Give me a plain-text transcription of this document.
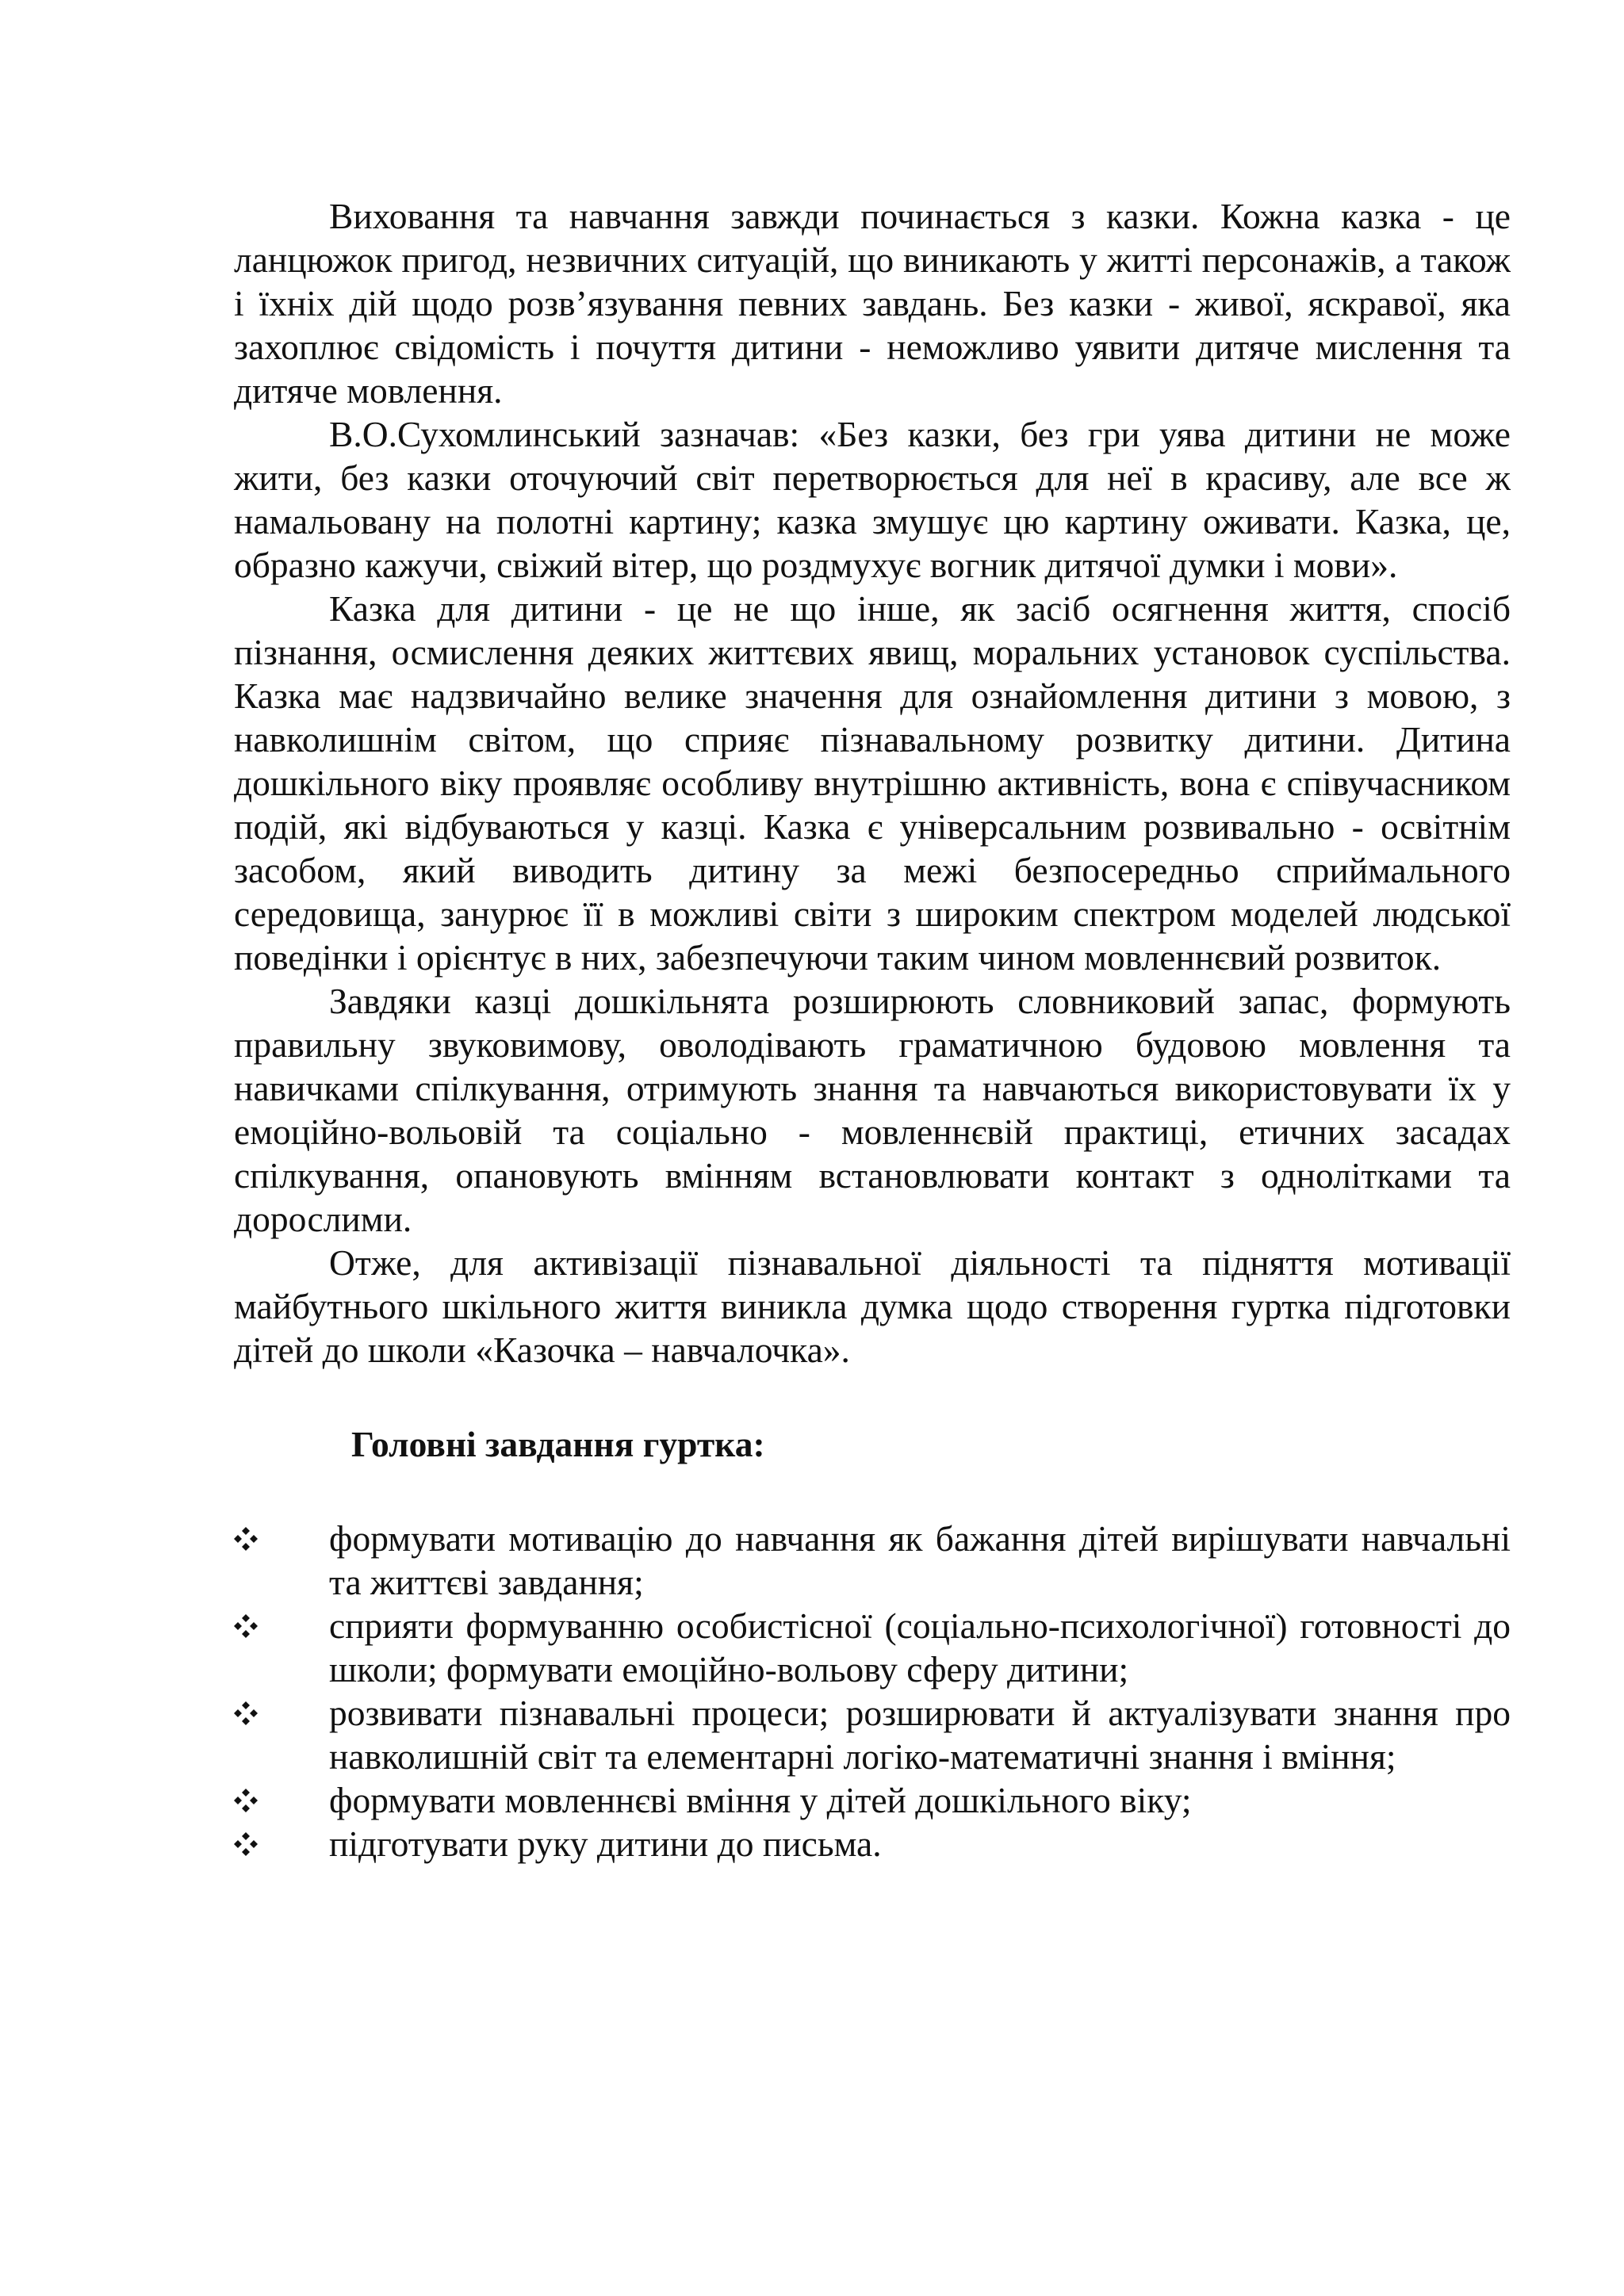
Виховання та навчання завжди починається з казки. Кожна казка - це ланцюжок пригод, незвичних ситуацій, що виникають у житті персонажів, а також і їхніх дій щодо розв’язування певних завдань. Без казки - живої, яскравої, яка захоплює свідомість і почуття дитини - неможливо уявити дитяче мислення та дитяче мовлення.

В.О.Сухомлинський зазначав: «Без казки, без гри уява дитини не може жити, без казки оточуючий світ перетворюється для неї в красиву, але все ж намальовану на полотні картину; казка змушує цю картину оживати. Казка, це, образно кажучи, свіжий вітер, що роздмухує вогник дитячої думки і мови».

Казка для дитини - це не що інше, як засіб осягнення життя, спосіб пізнання, осмислення деяких життєвих явищ, моральних установок суспільства. Казка має надзвичайно велике значення для ознайомлення дитини з мовою, з навколишнім світом, що сприяє пізнавальному розвитку дитини. Дитина дошкільного віку проявляє особливу внутрішню активність, вона є співучасником подій, які відбуваються у казці. Казка є універсальним розвивально - освітнім засобом, який виводить дитину за межі безпосередньо сприймального середовища, занурює її в можливі світи з широким спектром моделей людської поведінки і орієнтує в них, забезпечуючи таким чином мовленнєвий розвиток.

Завдяки казці дошкільнята розширюють словниковий запас, формують правильну звуковимову, оволодівають граматичною будовою мовлення та навичками спілкування, отримують знання та навчаються використовувати їх у емоційно-вольовій та соціально - мовленнєвій практиці, етичних засадах спілкування, опановують вмінням встановлювати контакт з однолітками та дорослими.

Отже, для активізації пізнавальної діяльності та підняття мотивації майбутнього шкільного життя виникла думка щодо створення гуртка підготовки дітей до школи «Казочка – навчалочка».

Головні завдання гуртка:
формувати мотивацію до навчання як бажання дітей вирішувати навчальні та життєві завдання;
сприяти формуванню особистісної (соціально-психологічної) готовності до школи; формувати емоційно-вольову сферу дитини;
розвивати пізнавальні процеси; розширювати й актуалізувати знання про навколишній світ та елементарні логіко-математичні знання і вміння;
формувати мовленнєві вміння у дітей дошкільного віку;
підготувати руку дитини до письма.
